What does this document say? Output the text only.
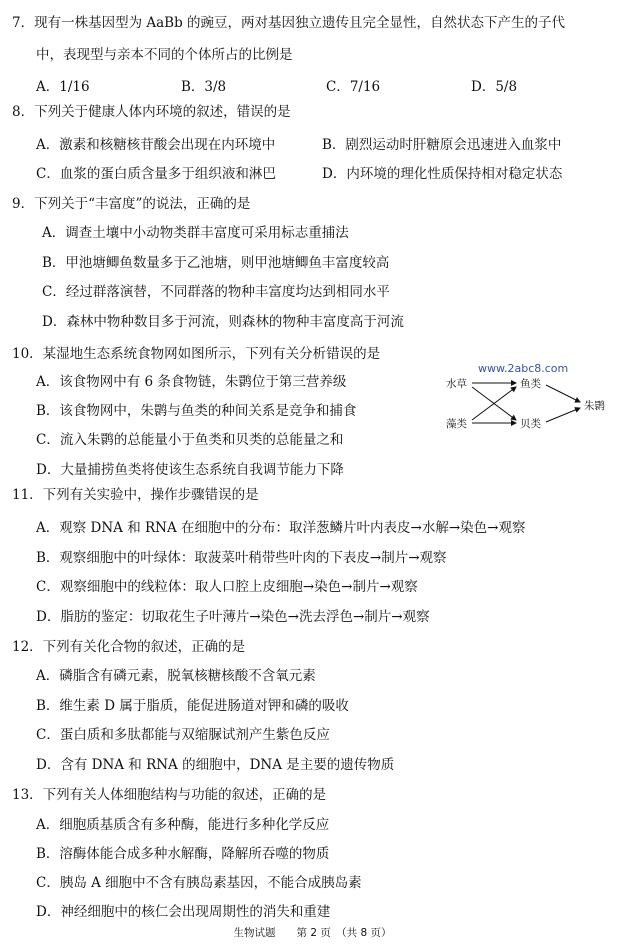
7．现有一株基因型为 AaBb 的豌豆，两对基因独立遗传且完全显性，自然状态下产生的子代
中，表现型与亲本不同的个体所占的比例是
A．1/16	B．3/8	C．7/16	D．5/8
8．下列关于健康人体内环境的叙述，错误的是
A．激素和核糖核苷酸会出现在内环境中	B．剧烈运动时肝糖原会迅速进入血浆中
C．血浆的蛋白质含量多于组织液和淋巴	D．内环境的理化性质保持相对稳定状态
9．下列关于“丰富度”的说法，正确的是
A．调查土壤中小动物类群丰富度可采用标志重捕法
B．甲池塘鲫鱼数量多于乙池塘，则甲池塘鲫鱼丰富度较高
C．经过群落演替，不同群落的物种丰富度均达到相同水平
D．森林中物种数目多于河流，则森林的物种丰富度高于河流
10．某湿地生态系统食物网如图所示，下列有关分析错误的是
A．该食物网中有 6 条食物链，朱鹮位于第三营养级
B．该食物网中，朱鹮与鱼类的种间关系是竞争和捕食
C．流入朱鹮的总能量小于鱼类和贝类的总能量之和
D．大量捕捞鱼类将使该生态系统自我调节能力下降
www.2abc8.com
水草	鱼类
藻类	贝类
朱鹮
11．下列有关实验中，操作步骤错误的是
A．观察 DNA 和 RNA 在细胞中的分布：取洋葱鳞片叶内表皮→水解→染色→观察
B．观察细胞中的叶绿体：取菠菜叶稍带些叶肉的下表皮→制片→观察
C．观察细胞中的线粒体：取人口腔上皮细胞→染色→制片→观察
D．脂肪的鉴定：切取花生子叶薄片→染色→洗去浮色→制片→观察
12．下列有关化合物的叙述，正确的是
A．磷脂含有磷元素，脱氧核糖核酸不含氧元素
B．维生素 D 属于脂质，能促进肠道对钾和磷的吸收
C．蛋白质和多肽都能与双缩脲试剂产生紫色反应
D．含有 DNA 和 RNA 的细胞中，DNA 是主要的遗传物质
13．下列有关人体细胞结构与功能的叙述，正确的是
A．细胞质基质含有多种酶，能进行多种化学反应
B．溶酶体能合成多种水解酶，降解所吞噬的物质
C．胰岛 A 细胞中不含有胰岛素基因，不能合成胰岛素
D．神经细胞中的核仁会出现周期性的消失和重建
生物试题　　第 2 页　（共 8 页）
